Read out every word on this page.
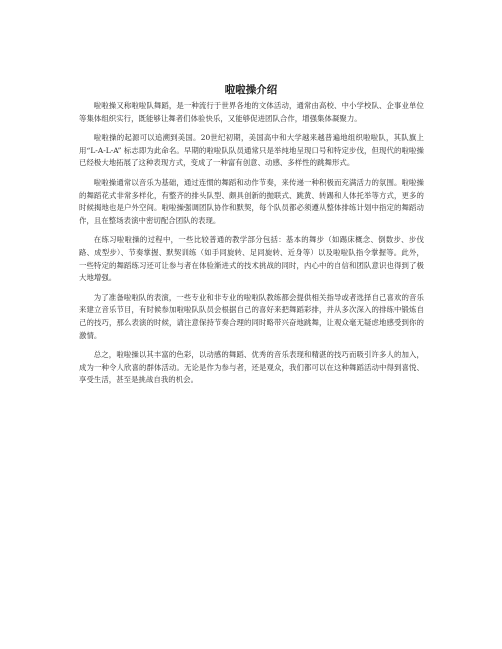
啦啦操介绍

啦啦操又称啦啦队舞蹈，是一种流行于世界各地的文体活动，通常由高校、中小学校队、企事业单位等集体组织实行，既能够让舞者们体验快乐，又能够促进团队合作，增强集体凝聚力。

啦啦操的起源可以追溯到美国。20世纪初期，美国高中和大学越来越普遍地组织啦啦队，其队旗上用“L-A-L-A” 标志即为此命名。早期的啦啦队队员通常只是举纯地呈现口号和特定步伐，但现代的啦啦操已经极大地拓展了这种表现方式，变成了一种富有创意、动感、多样性的跳舞形式。

啦啦操通常以音乐为基础，通过连惯的舞蹈和动作节奏，来传递一种积极而充满活力的氛围。啦啦操的舞蹈花式非常多样化，有整齐的排头队型、颇具创新的抛联式、跳黄、转踢和人体托举等方式，更多的时候揭地也是户外空间。啦啦操强调团队协作和默契，每个队员都必须遵从整体排练计划中指定的舞蹈动作，且在整场表演中密切配合团队的表现。

在练习啦啦操的过程中，一些比较普通的教学部分包括：基本的舞步（如踢床概念、倒数步、步伐路、成型步）、节奏掌握、默契训练（如手同旋转、足同旋转、近身等）以及啦啦队指令掌握等。此外，一些特定的舞蹈练习还可让参与者在体验渐进式的技术挑战的同时，内心中的自信和团队意识也得到了极大地增强。

为了准备啦啦队的表演，一些专业和非专业的啦啦队教练都会提供相关指导或者选择自己喜欢的音乐来建立音乐节目，有时候参加啦啦队队员会根据自己的喜好来把舞蹈彩排，并从多次深入的排练中锻炼自己的技巧，那么表演的时候，请注意保持节奏合理的同时略带兴奋地跳舞，让观众毫无疑虑地感受到你的激情。

总之，啦啦操以其丰富的色彩，以动感的舞蹈、优秀的音乐表现和精湛的技巧而吸引许多人的加入，成为一种令人欣喜的群体活动。无论是作为参与者，还是观众，我们都可以在这种舞蹈活动中得到喜悦、享受生活，甚至是挑战自我的机会。
